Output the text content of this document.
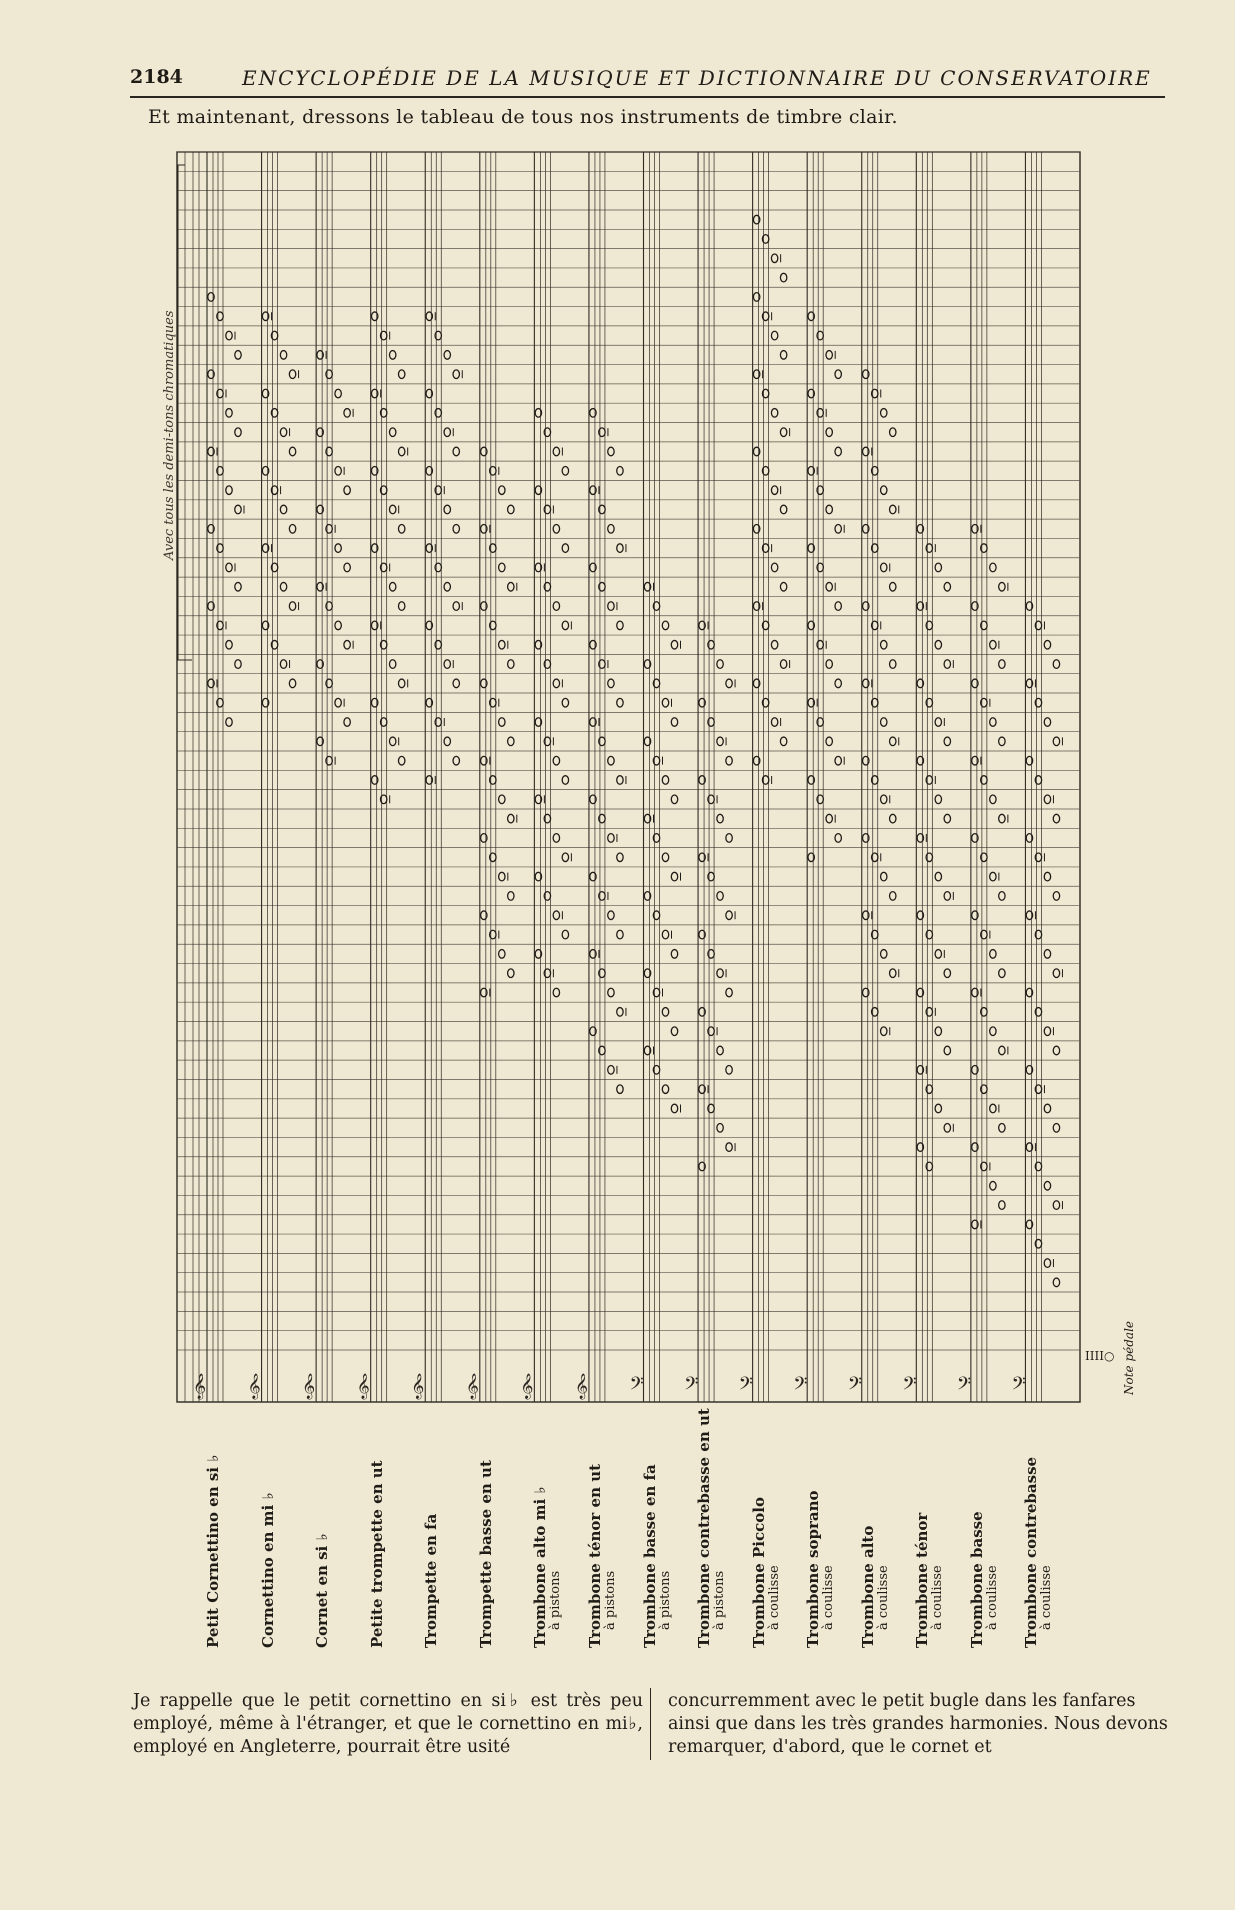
2184	ENCYCLOPÉDIE DE LA MUSIQUE ET DICTIONNAIRE DU CONSERVATOIRE
Et maintenant, dressons le tableau de tous nos instruments de timbre clair.
𝄞 𝄞 𝄞 𝄞 𝄞 𝄞 𝄞 𝄞 𝄢 𝄢 𝄢 𝄢 𝄢 𝄢 𝄢 𝄢
IIII○
Avec tous les demi-tons chromatiques
Note pédale
Petit Cornettino en si ♭ Cornettino en mi ♭ Cornet en si ♭ Petite trompette en ut Trompette en fa Trompette basse en ut Trombone alto mi ♭ à pistons Trombone ténor en ut à pistons Trombone basse en fa à pistons Trombone contrebasse en ut à pistons Trombone Piccolo à coulisse Trombone soprano à coulisse Trombone alto à coulisse Trombone ténor à coulisse Trombone basse à coulisse Trombone contrebasse à coulisse
Je rappelle que le petit cornettino en si♭ est très peu employé, même à l'étranger, et que le cornettino en mi♭, employé en Angleterre, pourrait être usité
concurremment avec le petit bugle dans les fanfares ainsi que dans les très grandes harmonies. Nous devons remarquer, d'abord, que le cornet et
